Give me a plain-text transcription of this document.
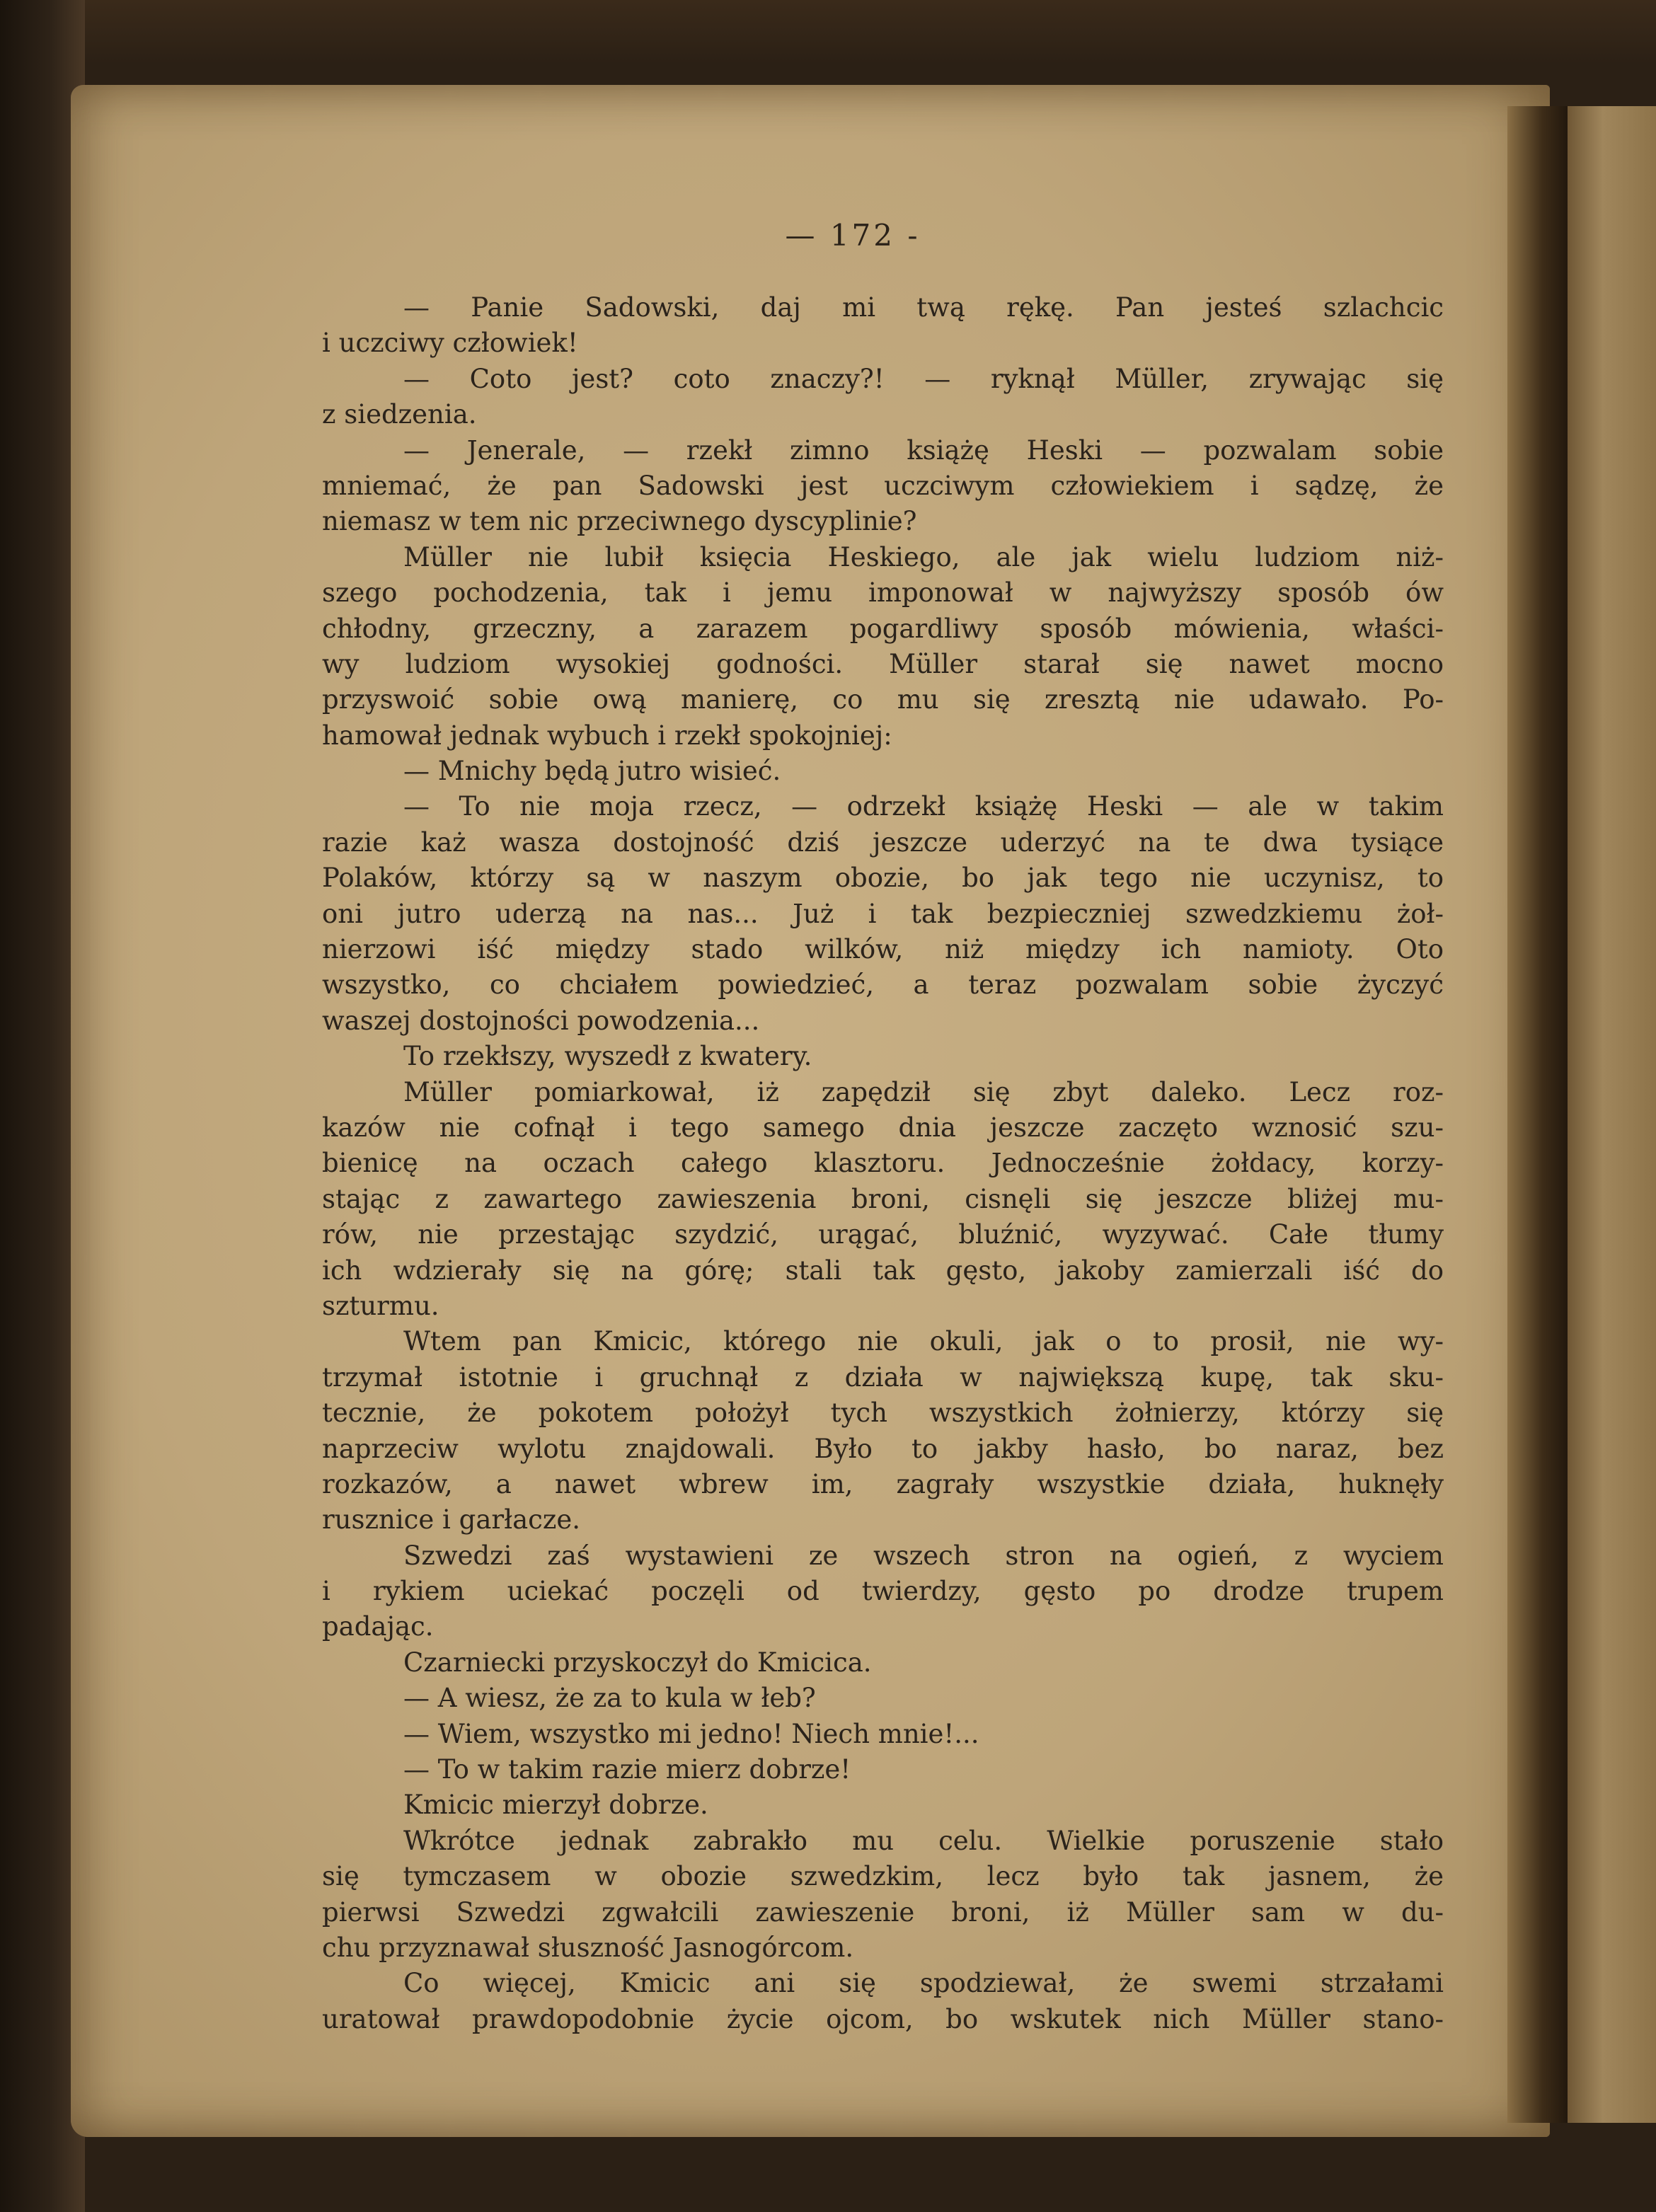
— 172 -
— Panie Sadowski, daj mi twą rękę. Pan jesteś szlachcic
i uczciwy człowiek!
— Coto jest? coto znaczy?! — ryknął Müller, zrywając się
z siedzenia.
— Jenerale, — rzekł zimno książę Heski — pozwalam sobie
mniemać, że pan Sadowski jest uczciwym człowiekiem i sądzę, że
niemasz w tem nic przeciwnego dyscyplinie?
Müller nie lubił księcia Heskiego, ale jak wielu ludziom niż-
szego pochodzenia, tak i jemu imponował w najwyższy sposób ów
chłodny, grzeczny, a zarazem pogardliwy sposób mówienia, właści-
wy ludziom wysokiej godności. Müller starał się nawet mocno
przyswoić sobie ową manierę, co mu się zresztą nie udawało. Po-
hamował jednak wybuch i rzekł spokojniej:
— Mnichy będą jutro wisieć.
— To nie moja rzecz, — odrzekł książę Heski — ale w takim
razie każ wasza dostojność dziś jeszcze uderzyć na te dwa tysiące
Polaków, którzy są w naszym obozie, bo jak tego nie uczynisz, to
oni jutro uderzą na nas... Już i tak bezpieczniej szwedzkiemu żoł-
nierzowi iść między stado wilków, niż między ich namioty. Oto
wszystko, co chciałem powiedzieć, a teraz pozwalam sobie życzyć
waszej dostojności powodzenia...
To rzekłszy, wyszedł z kwatery.
Müller pomiarkował, iż zapędził się zbyt daleko. Lecz roz-
kazów nie cofnął i tego samego dnia jeszcze zaczęto wznosić szu-
bienicę na oczach całego klasztoru. Jednocześnie żołdacy, korzy-
stając z zawartego zawieszenia broni, cisnęli się jeszcze bliżej mu-
rów, nie przestając szydzić, urągać, bluźnić, wyzywać. Całe tłumy
ich wdzierały się na górę; stali tak gęsto, jakoby zamierzali iść do
szturmu.
Wtem pan Kmicic, którego nie okuli, jak o to prosił, nie wy-
trzymał istotnie i gruchnął z działa w największą kupę, tak sku-
tecznie, że pokotem położył tych wszystkich żołnierzy, którzy się
naprzeciw wylotu znajdowali. Było to jakby hasło, bo naraz, bez
rozkazów, a nawet wbrew im, zagrały wszystkie działa, huknęły
rusznice i garłacze.
Szwedzi zaś wystawieni ze wszech stron na ogień, z wyciem
i rykiem uciekać poczęli od twierdzy, gęsto po drodze trupem
padając.
Czarniecki przyskoczył do Kmicica.
— A wiesz, że za to kula w łeb?
— Wiem, wszystko mi jedno! Niech mnie!...
— To w takim razie mierz dobrze!
Kmicic mierzył dobrze.
Wkrótce jednak zabrakło mu celu. Wielkie poruszenie stało
się tymczasem w obozie szwedzkim, lecz było tak jasnem, że
pierwsi Szwedzi zgwałcili zawieszenie broni, iż Müller sam w du-
chu przyznawał słuszność Jasnogórcom.
Co więcej, Kmicic ani się spodziewał, że swemi strzałami
uratował prawdopodobnie życie ojcom, bo wskutek nich Müller stano-
